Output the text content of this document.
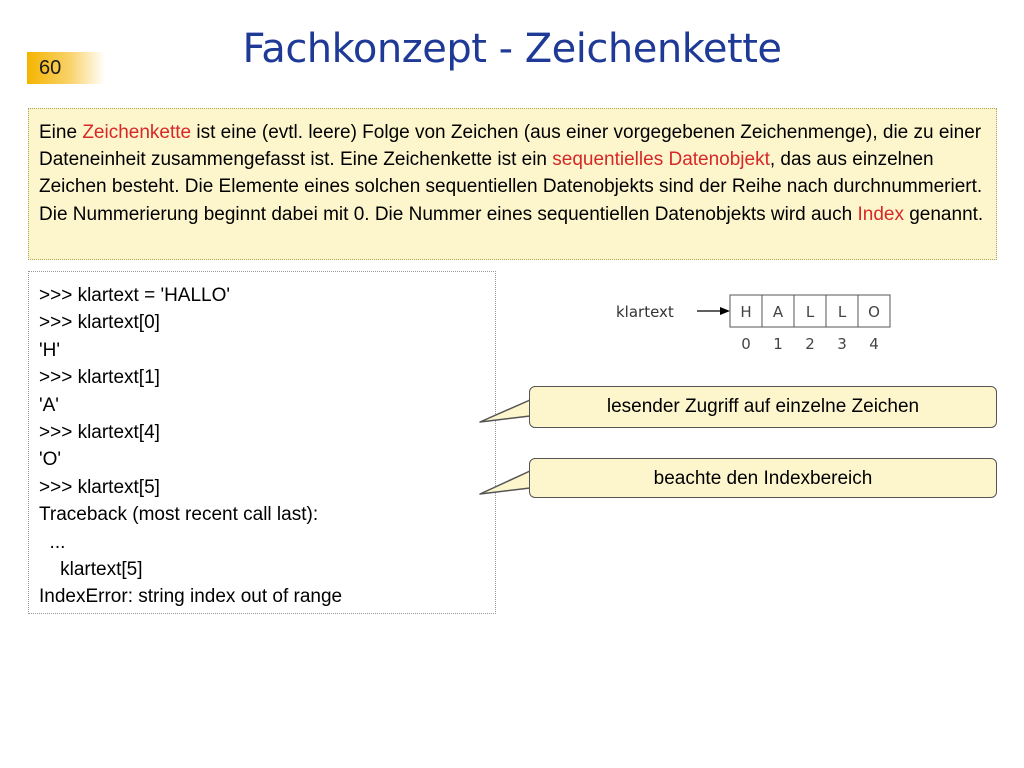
60	Fachkonzept - Zeichenkette
Eine Zeichenkette ist eine (evtl. leere) Folge von Zeichen (aus einer vorgegebenen Zeichenmenge), die zu einer Dateneinheit zusammengefasst ist. Eine Zeichenkette ist ein sequentielles Datenobjekt, das aus einzelnen Zeichen besteht. Die Elemente eines solchen sequentiellen Datenobjekts sind der Reihe nach durchnummeriert. Die Nummerierung beginnt dabei mit 0. Die Nummer eines sequentiellen Datenobjekts wird auch Index genannt.
>>> klartext = 'HALLO'
>>> klartext[0]
'H'
>>> klartext[1]
'A'
>>> klartext[4]
'O'
>>> klartext[5]
Traceback (most recent call last):
...
klartext[5]
IndexError: string index out of range
klartext	H A L L O
0 1 2 3 4
lesender Zugriff auf einzelne Zeichen
beachte den Indexbereich
